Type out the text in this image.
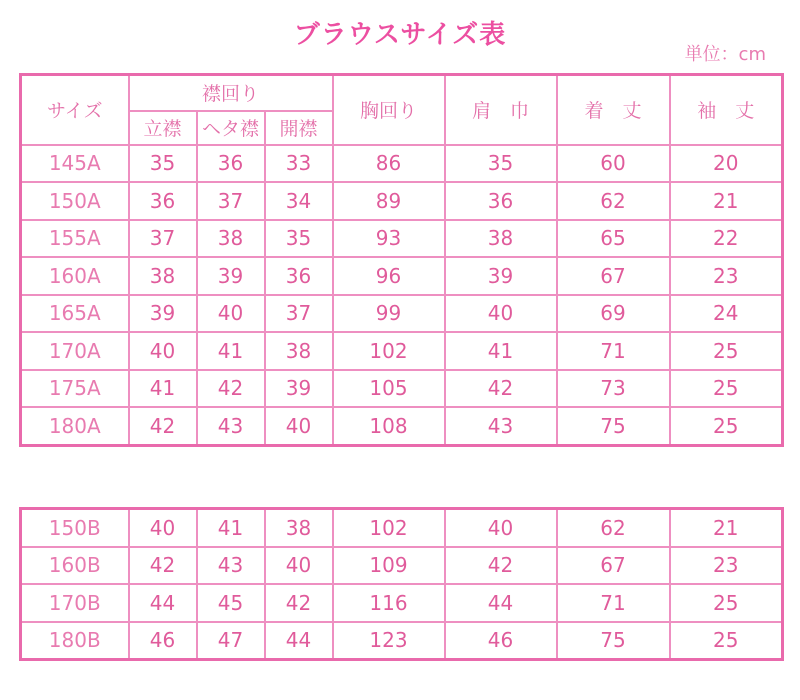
ブラウスサイズ表
単位：cm
サイズ	襟回り			胸回り	肩　巾	着　丈	袖　丈
	立襟	ヘタ襟	開襟				
145A	35	36	33	86	35	60	20
150A	36	37	34	89	36	62	21
155A	37	38	35	93	38	65	22
160A	38	39	36	96	39	67	23
165A	39	40	37	99	40	69	24
170A	40	41	38	102	41	71	25
175A	41	42	39	105	42	73	25
180A	42	43	40	108	43	75	25
150B	40	41	38	102	40	62	21
160B	42	43	40	109	42	67	23
170B	44	45	42	116	44	71	25
180B	46	47	44	123	46	75	25
